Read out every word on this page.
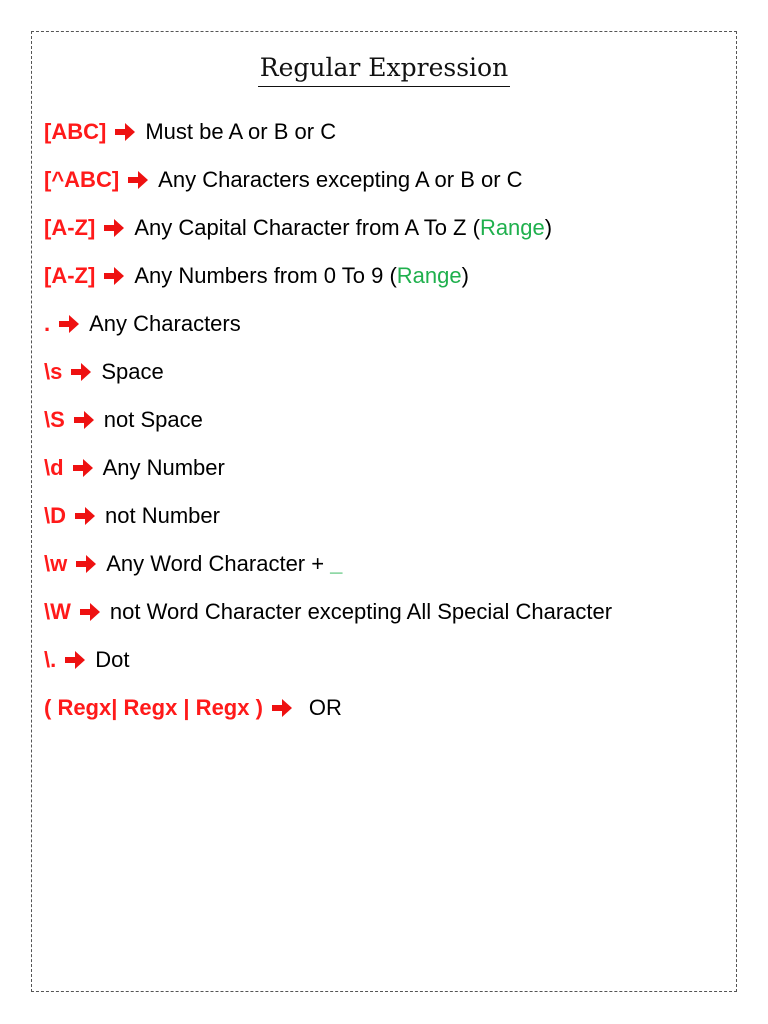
Regular Expression
[ABC] Must be A or B or C
[^ABC] Any Characters excepting A or B or C
[A-Z] Any Capital Character from A To Z (Range)
[A-Z] Any Numbers from 0 To 9 (Range)
. Any Characters
\s Space
\S not Space
\d Any Number
\D not Number
\w Any Word Character + _
\W not Word Character excepting All Special Character
\. Dot
( Regx| Regx | Regx ) OR
